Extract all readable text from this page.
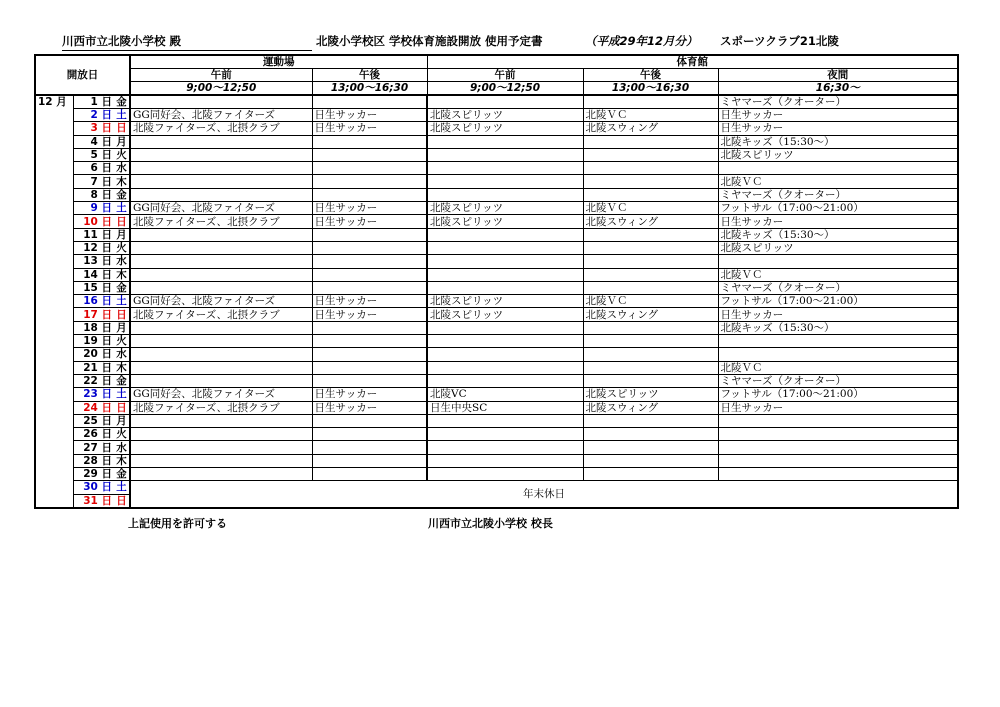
川西市立北陵小学校 殿	北陵小学校区 学校体育施設開放 使用予定書	（平成29年12月分） スポーツクラブ21北陵
開放日			運動場		体育館		
			午前	午後	午前	午後	夜間
			9;00〜12;50	13;00〜16;30	9;00〜12;50	13;00〜16;30	16;30〜
12 月	1 日	金					ミヤマーズ（クオーター）
	2 日	土	GG同好会、北陵ファイターズ	日生サッカー	北陵スピリッツ	北陵ＶＣ	日生サッカー
	3 日	日	北陵ファイターズ、北摂クラブ	日生サッカー	北陵スピリッツ	北陵スウィング	日生サッカー
	4 日	月					北陵キッズ（15:30〜）
	5 日	火					北陵スピリッツ
	6 日	水					
	7 日	木					北陵ＶＣ
	8 日	金					ミヤマーズ（クオーター）
	9 日	土	GG同好会、北陵ファイターズ	日生サッカー	北陵スピリッツ	北陵ＶＣ	フットサル（17:00〜21:00）
	10 日	日	北陵ファイターズ、北摂クラブ	日生サッカー	北陵スピリッツ	北陵スウィング	日生サッカー
	11 日	月					北陵キッズ（15:30〜）
	12 日	火					北陵スピリッツ
	13 日	水					
	14 日	木					北陵ＶＣ
	15 日	金					ミヤマーズ（クオーター）
	16 日	土	GG同好会、北陵ファイターズ	日生サッカー	北陵スピリッツ	北陵ＶＣ	フットサル（17:00〜21:00）
	17 日	日	北陵ファイターズ、北摂クラブ	日生サッカー	北陵スピリッツ	北陵スウィング	日生サッカー
	18 日	月					北陵キッズ（15:30〜）
	19 日	火					
	20 日	水					
	21 日	木					北陵ＶＣ
	22 日	金					ミヤマーズ（クオーター）
	23 日	土	GG同好会、北陵ファイターズ	日生サッカー	北陵VC	北陵スピリッツ	フットサル（17:00〜21:00）
	24 日	日	北陵ファイターズ、北摂クラブ	日生サッカー	日生中央SC	北陵スウィング	日生サッカー
	25 日	月					
	26 日	火					
	27 日	水					
	28 日	木					
	29 日	金					
	30 日	土	年末休日				
	31 日	日					
上記使用を許可する	川西市立北陵小学校 校長
